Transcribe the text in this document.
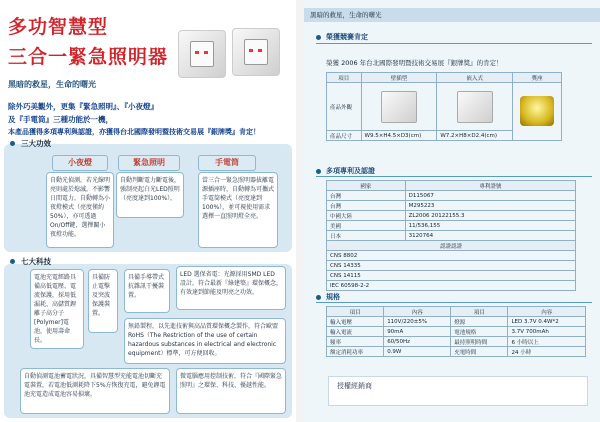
多功智慧型
三合一緊急照明器
黑暗的救星，生命的曙光
除外巧美觀外，更集『緊急照明』、『小夜燈』
及『手電筒』三種功能於一機，
本產品獲得多項專利與認證，亦獲得台北國際發明暨技術交易展『銀牌獎』肯定！
三大功效
小夜燈
自動光偵測，若光線明亮則處於熄滅，不影響日間電力，自動轉為小夜燈模式（亮度僅約50%），亦可透過On/Off鍵，選擇關小夜燈功能。
緊急照明
自動判斷電力斷電後，強制亮起白光LED照明（亮度達到100%）。
手電筒
當三合一緊急照明器拔離電源插座時，自動轉為可攜式手電筒模式（亮度達到100%），並可視使用需求選擇一直照明燈全亮。
七大科技
電池充電經路具備高低電壓、電流保護，採用低漏耗、高儲質鋰離子高分子[Polymer]電池，使用壽命長。
具備防止電擊及突波保護裝置。
具備手導帶式抗雜訊干擾裝置。
LED 選保省電：光源採用SMD LED 設計，符合最新『綠建築』環保概念，有效達到節能及明亮之功效。
無鉛製程，以先進技術與高品質環保概念製作，符合歐盟RoHS（The Restriction of the use of certain hazardous substances in electrical and electronic equipment）標準，可方便回收。
自動偵測電池蓄電狀況，具備智慧型充能電池切斷充電裝置，若電池低測耗降下5%方恢復充電，避免鋰電池充電造成電池容易損壞。
微電腦應用控制技術，符合『國際緊急照明』之環保、科技、優越性能。
黑暗的救星，生命的曙光
榮獲競賽肯定
榮獲 2006 年台北國際發明暨技術交易展『銀牌獎』的肯定！
項目	壁插型	嵌入式	獎座
產品外觀			
產品尺寸	W9.5×H4.5×D3(cm)	W7.2×H8×D2.4(cm)	
多項專利及認證
國家	專利證號
台灣	D115067
台灣	M295223
中國大陸	ZL2006 20122155.3
美國	11/536,155
日本	3120764
認證認證
CNS 8802
CNS 14335
CNS 14115
IEC 60598-2-2
規格
項目	內容	項目	內容
輸入電壓	110V/220±5%	燈源	LED 3.7V 0.4W*2
輸入電流	90mA	電池規格	3.7V 700mAh
頻率	60/50Hz	最持照明時間	6 小時以上
額定消耗功率	0.9W	充電時間	24 小時
授權經銷商
